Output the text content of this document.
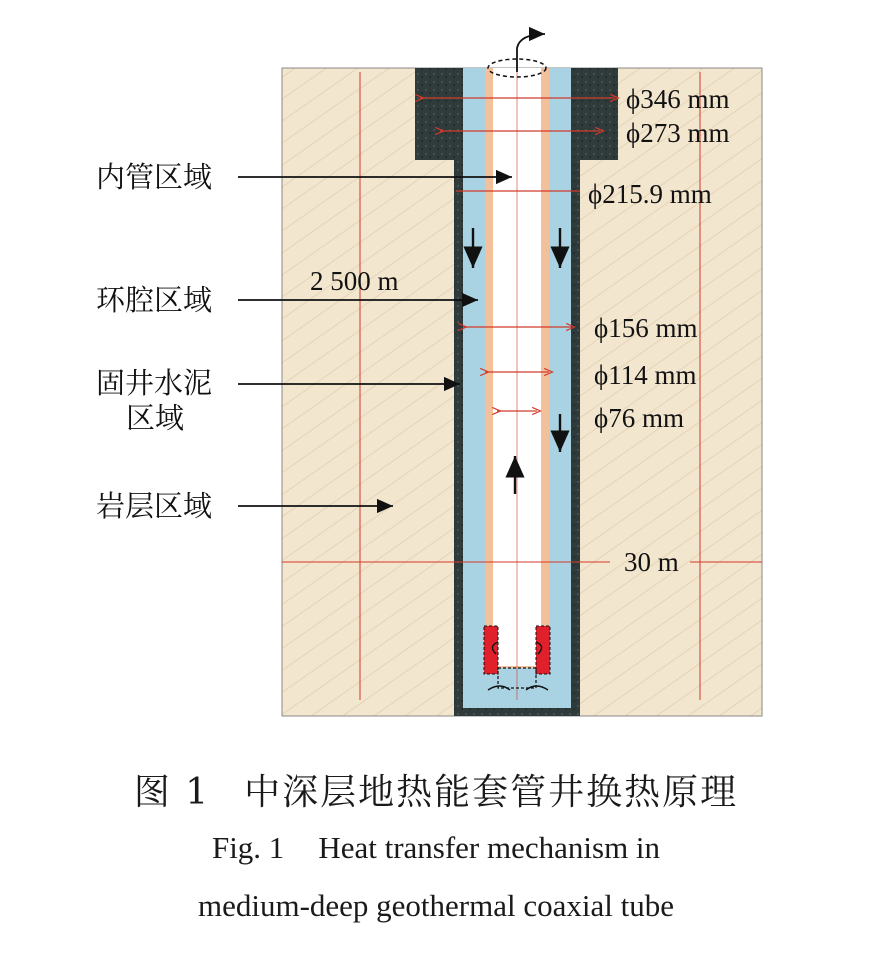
内管区域
环腔区域
固井水泥
区域
岩层区域
ϕ346 mm
ϕ273 mm
ϕ215.9 mm
ϕ156 mm
ϕ114 mm
ϕ76 mm
2 500 m
30 m
图 1 中深层地热能套管井换热原理
Fig. 1 Heat transfer mechanism in
medium-deep geothermal coaxial tube
